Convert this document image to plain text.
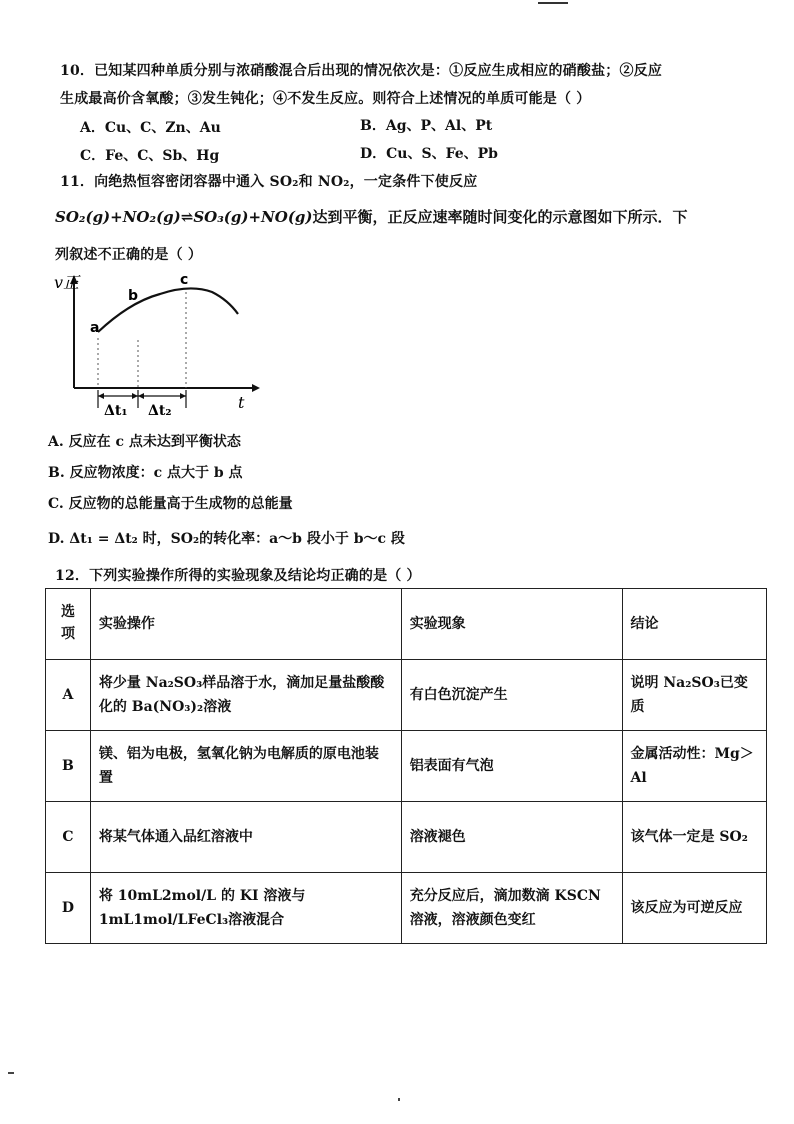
10．已知某四种单质分别与浓硝酸混合后出现的情况依次是：①反应生成相应的硝酸盐；②反应
生成最高价含氧酸；③发生钝化；④不发生反应。则符合上述情况的单质可能是（ ）
A．Cu、C、Zn、Au	B．Ag、P、Al、Pt
C．Fe、C、Sb、Hg	D．Cu、S、Fe、Pb
11．向绝热恒容密闭容器中通入 SO₂和 NO₂，一定条件下使反应
SO₂(g)+NO₂(g)⇌SO₃(g)+NO(g)达到平衡，正反应速率随时间变化的示意图如下所示．下
列叙述不正确的是（ ）
v正
t
a
b
c
Δt₁ Δt₂
A. 反应在 c 点未达到平衡状态
B. 反应物浓度：c 点大于 b 点
C. 反应物的总能量高于生成物的总能量
D. Δt₁ = Δt₂ 时，SO₂的转化率：a～b 段小于 b～c 段
12．下列实验操作所得的实验现象及结论均正确的是（ ）
选项	实验操作	实验现象	结论
A	将少量 Na₂SO₃样品溶于水，滴加足量盐酸酸化的 Ba(NO₃)₂溶液	有白色沉淀产生	说明 Na₂SO₃已变质
B	镁、铝为电极，氢氧化钠为电解质的原电池装置	铝表面有气泡	金属活动性：Mg＞Al
C	将某气体通入品红溶液中	溶液褪色	该气体一定是 SO₂
D	将 10mL2mol/L 的 KI 溶液与 1mL1mol/LFeCl₃溶液混合	充分反应后，滴加数滴 KSCN 溶液，溶液颜色变红	该反应为可逆反应
